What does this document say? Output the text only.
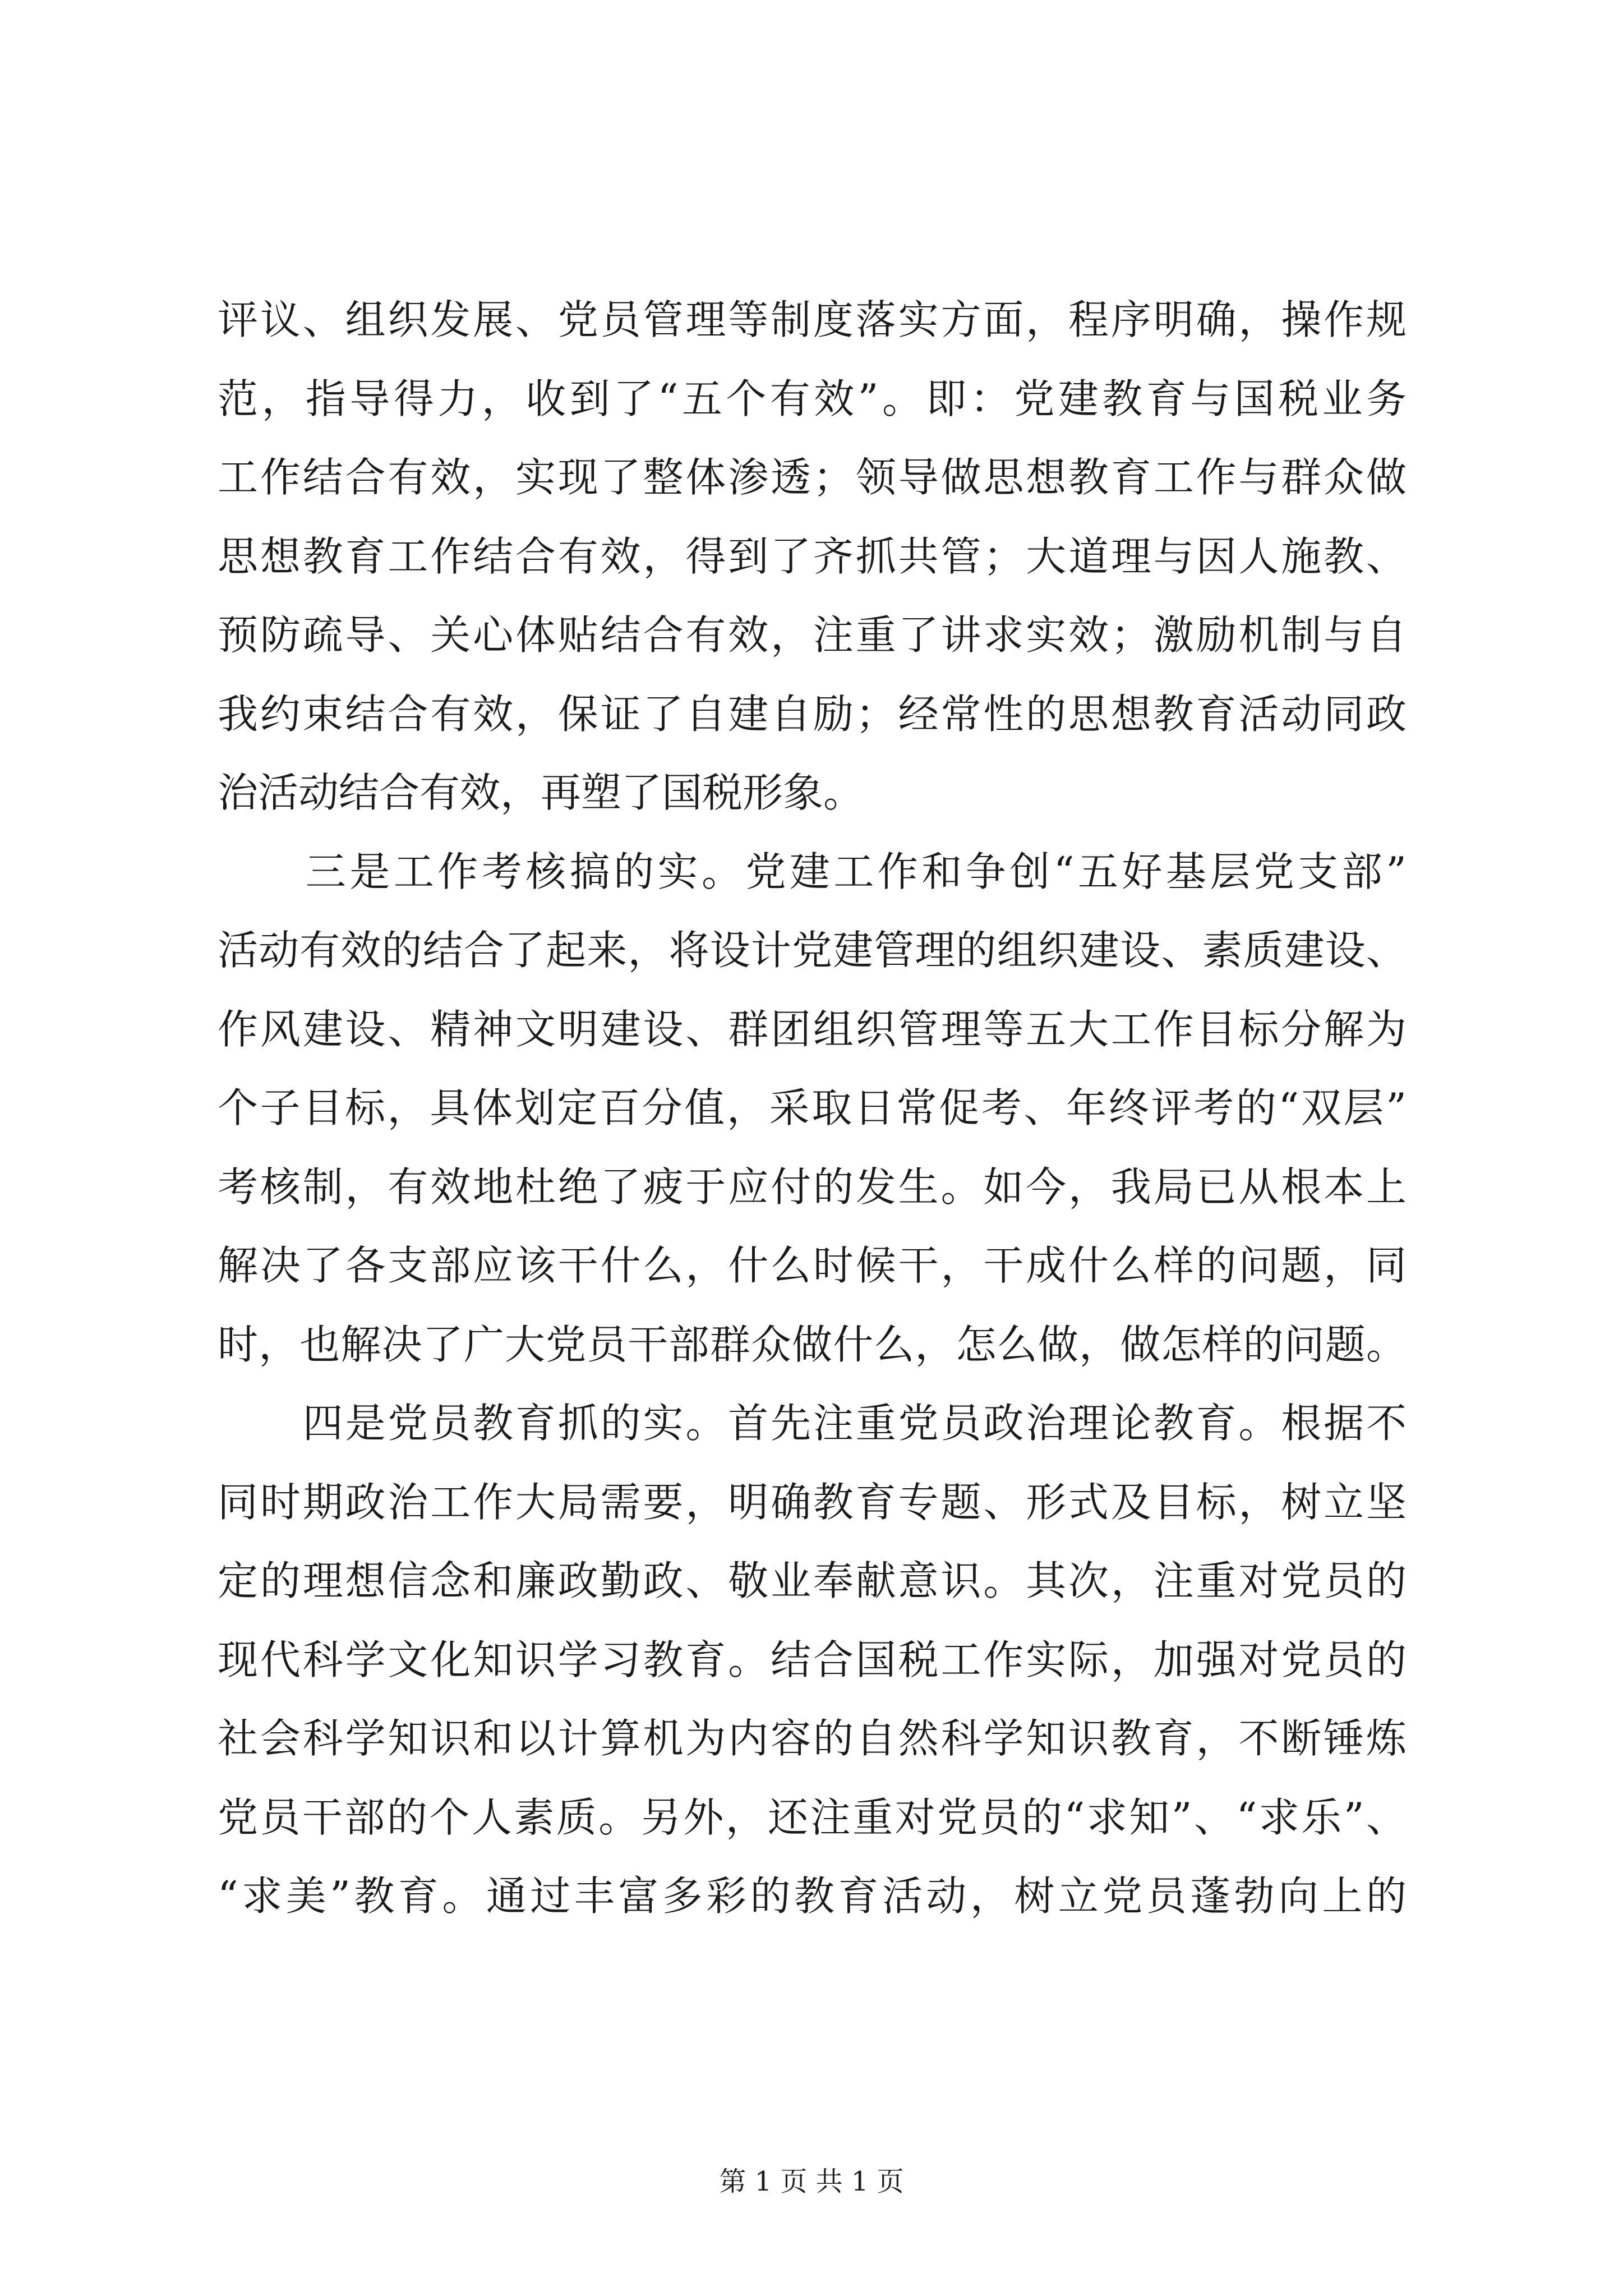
评议、组织发展、党员管理等制度落实方面，程序明确，操作规
范，指导得力，收到了“五个有效”。即：党建教育与国税业务
工作结合有效，实现了整体渗透；领导做思想教育工作与群众做
思想教育工作结合有效，得到了齐抓共管；大道理与因人施教、
预防疏导、关心体贴结合有效，注重了讲求实效；激励机制与自
我约束结合有效，保证了自建自励；经常性的思想教育活动同政
治活动结合有效，再塑了国税形象。
　　三是工作考核搞的实。党建工作和争创“五好基层党支部”
活动有效的结合了起来，将设计党建管理的组织建设、素质建设、
作风建设、精神文明建设、群团组织管理等五大工作目标分解为
个子目标，具体划定百分值，采取日常促考、年终评考的“双层”
考核制，有效地杜绝了疲于应付的发生。如今，我局已从根本上
解决了各支部应该干什么，什么时候干，干成什么样的问题，同
时，也解决了广大党员干部群众做什么，怎么做，做怎样的问题。
　　四是党员教育抓的实。首先注重党员政治理论教育。根据不
同时期政治工作大局需要，明确教育专题、形式及目标，树立坚
定的理想信念和廉政勤政、敬业奉献意识。其次，注重对党员的
现代科学文化知识学习教育。结合国税工作实际，加强对党员的
社会科学知识和以计算机为内容的自然科学知识教育，不断锤炼
党员干部的个人素质。另外，还注重对党员的“求知”、“求乐”、
“求美”教育。通过丰富多彩的教育活动，树立党员蓬勃向上的
第 1 页 共 1 页
